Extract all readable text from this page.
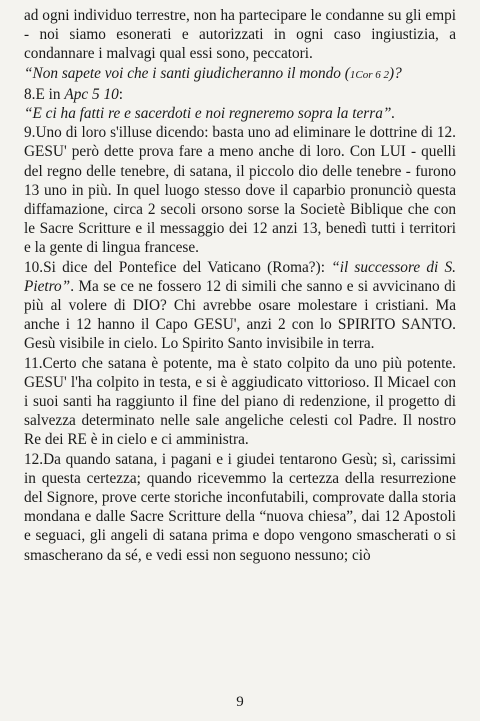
ad ogni individuo terrestre, non ha partecipare le condanne su gli empi - noi siamo esonerati e autorizzati in ogni caso ingiustizia, a condannare i malvagi qual essi sono, peccatori.

“Non sapete voi che i santi giudicheranno il mondo (1Cor 6 2)?

8.E in Apc 5 10:

“E ci ha fatti re e sacerdoti e noi regneremo sopra la terra”.

9.Uno di loro s'illuse dicendo: basta uno ad eliminare le dottrine di 12. GESU' però dette prova fare a meno anche di loro. Con LUI - quelli del regno delle tenebre, di satana, il piccolo dio delle tenebre - furono 13 uno in più. In quel luogo stesso dove il caparbio pronunciò questa diffamazione, circa 2 secoli orsono sorse la Societè Biblique che con le Sacre Scritture e il messaggio dei 12 anzi 13, benedì tutti i territori e la gente di lingua francese.

10.Si dice del Pontefice del Vaticano (Roma?): “il successore di S. Pietro”. Ma se ce ne fossero 12 di simili che sanno e si avvicinano di più al volere di DIO? Chi avrebbe osare molestare i cristiani. Ma anche i 12 hanno il Capo GESU', anzi 2 con lo SPIRITO SANTO. Gesù visibile in cielo. Lo Spirito Santo invisibile in terra.

11.Certo che satana è potente, ma è stato colpito da uno più potente. GESU' l'ha colpito in testa, e si è aggiudicato vittorioso. Il Micael con i suoi santi ha raggiunto il fine del piano di redenzione, il progetto di salvezza determinato nelle sale angeliche celesti col Padre. Il nostro Re dei RE è in cielo e ci amministra.

12.Da quando satana, i pagani e i giudei tentarono Gesù; sì, carissimi in questa certezza; quando ricevemmo la certezza della resurrezione del Signore, prove certe storiche inconfutabili, comprovate dalla storia mondana e dalle Sacre Scritture della “nuova chiesa”, dai 12 Apostoli e seguaci, gli angeli di satana prima e dopo vengono smascherati o si smascherano da sé, e vedi essi non seguono nessuno; ciò

9
